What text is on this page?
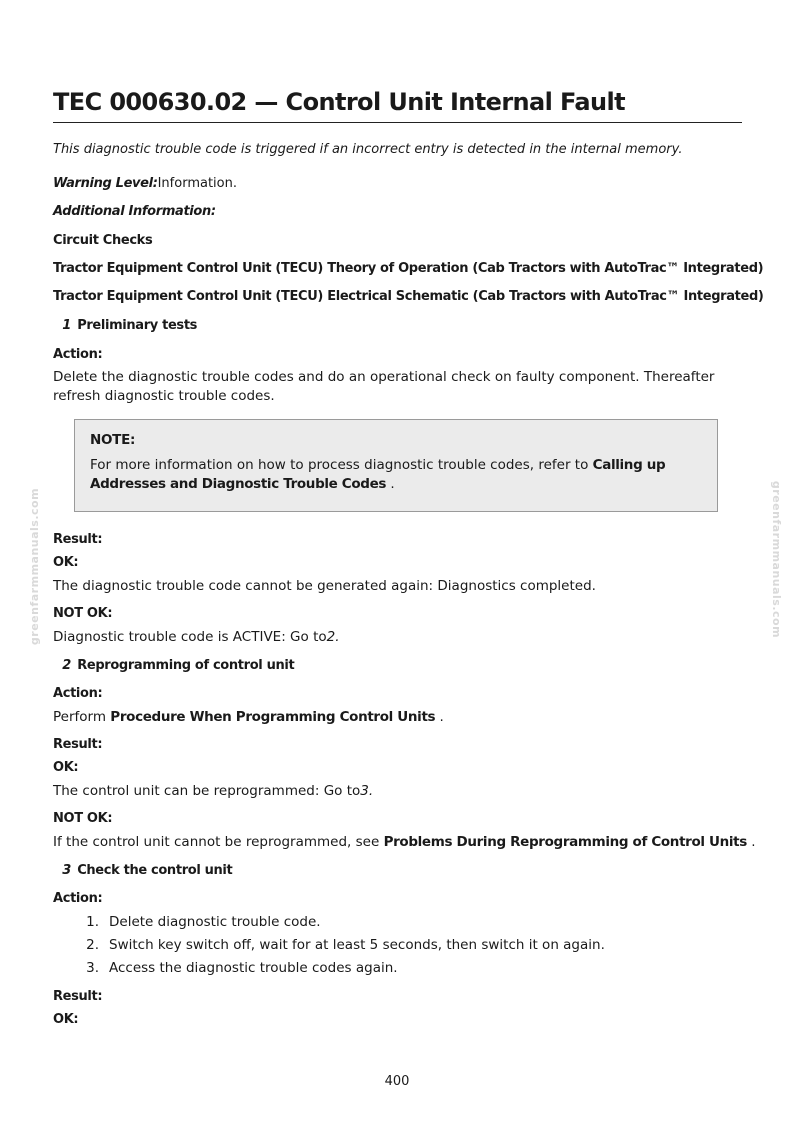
TEC 000630.02 — Control Unit Internal Fault
This diagnostic trouble code is triggered if an incorrect entry is detected in the internal memory.
Warning Level:Information.
Additional Information:
Circuit Checks
Tractor Equipment Control Unit (TECU) Theory of Operation (Cab Tractors with AutoTrac™ Integrated)
Tractor Equipment Control Unit (TECU) Electrical Schematic (Cab Tractors with AutoTrac™ Integrated)
1 Preliminary tests
Action:
Delete the diagnostic trouble codes and do an operational check on faulty component. Thereafter refresh diagnostic trouble codes.
NOTE:
For more information on how to process diagnostic trouble codes, refer to Calling up Addresses and Diagnostic Trouble Codes .
Result:
OK:
The diagnostic trouble code cannot be generated again: Diagnostics completed.
NOT OK:
Diagnostic trouble code is ACTIVE: Go to2.
2 Reprogramming of control unit
Action:
Perform Procedure When Programming Control Units .
Result:
OK:
The control unit can be reprogrammed: Go to3.
NOT OK:
If the control unit cannot be reprogrammed, see Problems During Reprogramming of Control Units .
3 Check the control unit
Action:
1. Delete diagnostic trouble code.
2. Switch key switch off, wait for at least 5 seconds, then switch it on again.
3. Access the diagnostic trouble codes again.
Result:
OK:
greenfarmmanuals.com	greenfarmmanuals.com
400
